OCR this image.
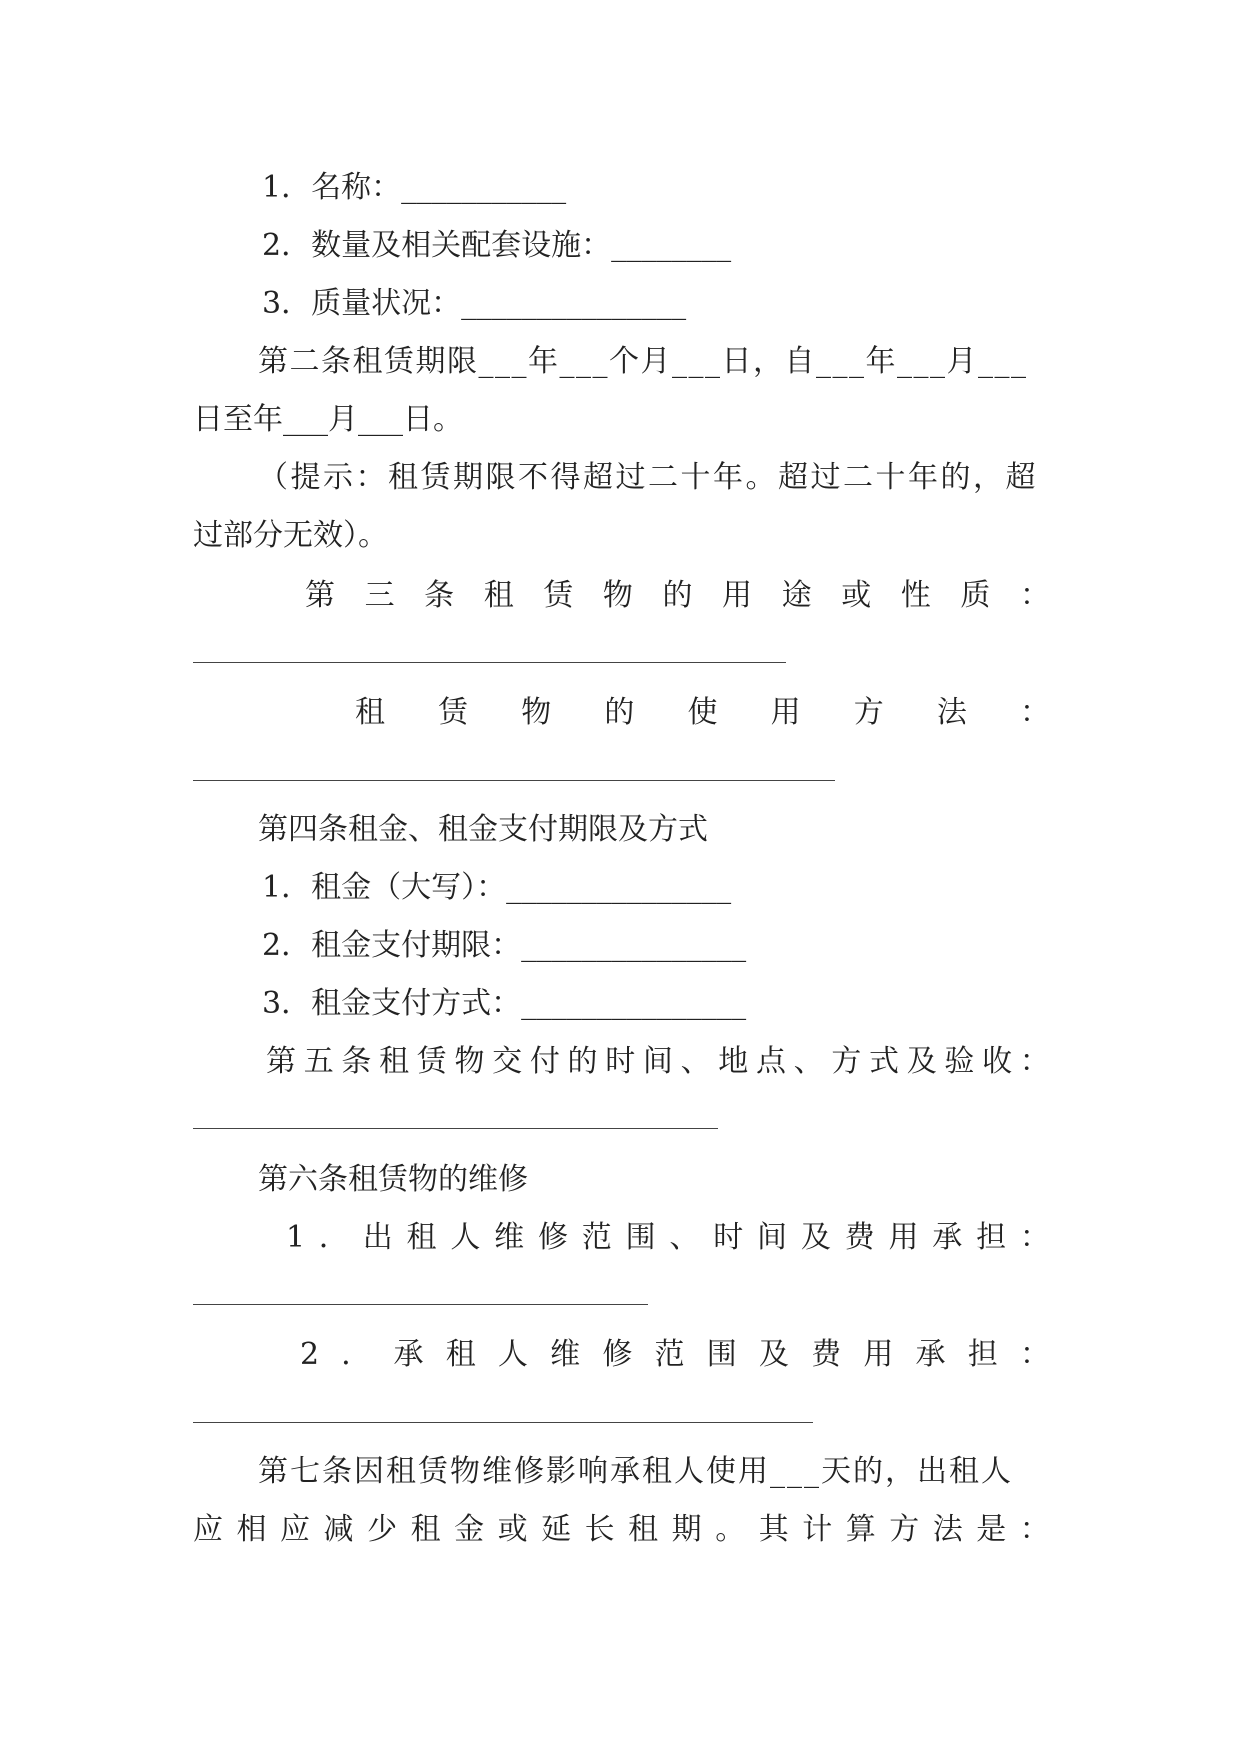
1．名称：___________
2．数量及相关配套设施：________
3．质量状况：_______________
第二条租赁期限___年___个月___日，自___年___月___
日至年___月___日。
（提示：租赁期限不得超过二十年。超过二十年的，超
过部分无效）。
第 三 条 租 赁 物 的 用 途 或 性 质 ：
租 赁 物 的 使 用 方 法 ：
第四条租金、租金支付期限及方式
1．租金（大写）：_______________
2．租金支付期限：_______________
3．租金支付方式：_______________
第 五 条 租 赁 物 交 付 的 时 间 、 地 点 、 方 式 及 验 收 ：
第六条租赁物的维修
1 ． 出 租 人 维 修 范 围 、 时 间 及 费 用 承 担 ：
2 ． 承 租 人 维 修 范 围 及 费 用 承 担 ：
第七条因租赁物维修影响承租人使用___天的，出租人
应 相 应 减 少 租 金 或 延 长 租 期 。 其 计 算 方 法 是 ：
